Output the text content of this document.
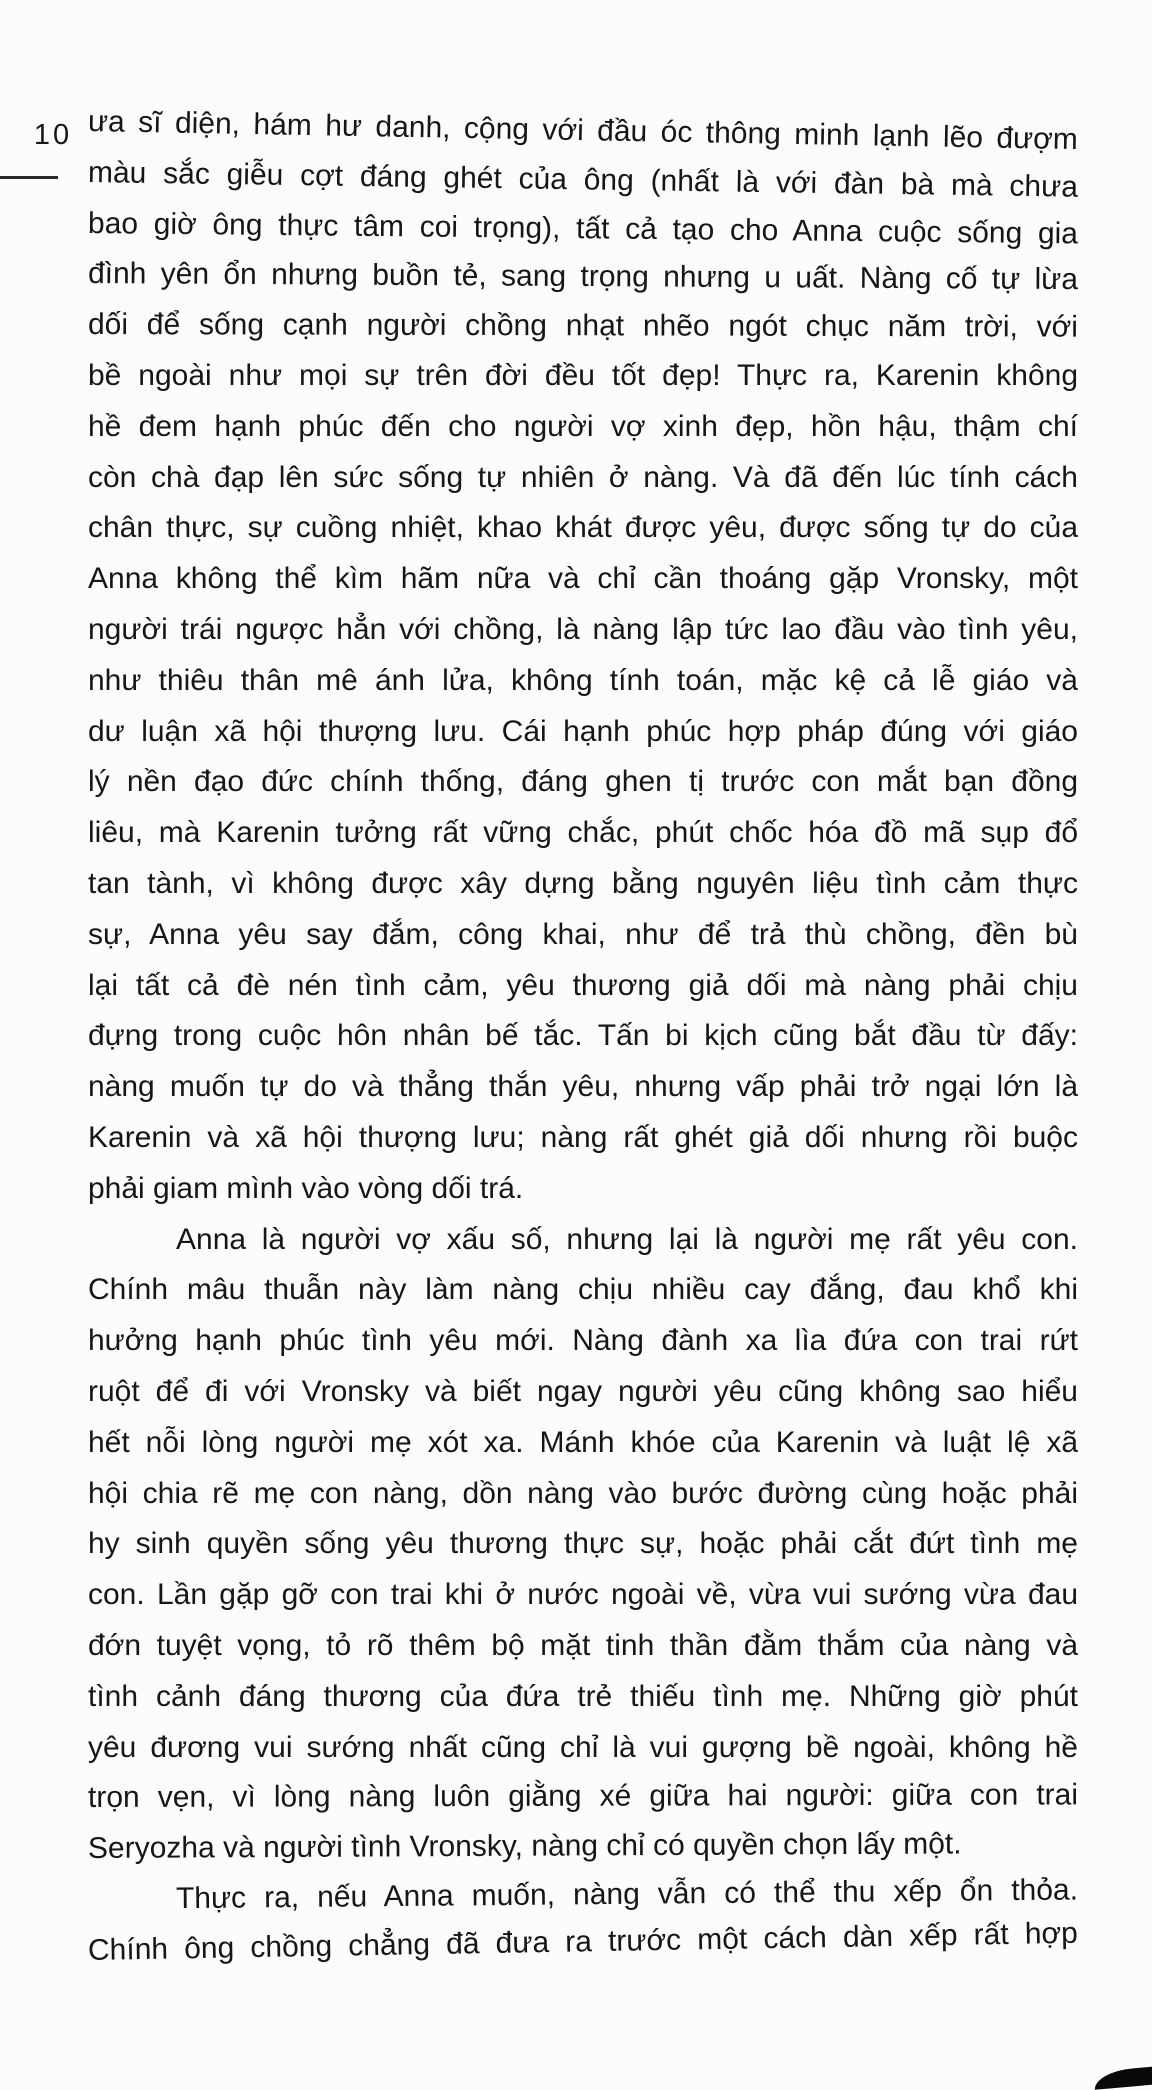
10 ưa sĩ diện, hám hư danh, cộng với đầu óc thông minh lạnh lẽo đượm
màu sắc giễu cợt đáng ghét của ông (nhất là với đàn bà mà chưa
bao giờ ông thực tâm coi trọng), tất cả tạo cho Anna cuộc sống gia
đình yên ổn nhưng buồn tẻ, sang trọng nhưng u uất. Nàng cố tự lừa
dối để sống cạnh người chồng nhạt nhẽo ngót chục năm trời, với
bề ngoài như mọi sự trên đời đều tốt đẹp! Thực ra, Karenin không
hề đem hạnh phúc đến cho người vợ xinh đẹp, hồn hậu, thậm chí
còn chà đạp lên sức sống tự nhiên ở nàng. Và đã đến lúc tính cách
chân thực, sự cuồng nhiệt, khao khát được yêu, được sống tự do của
Anna không thể kìm hãm nữa và chỉ cần thoáng gặp Vronsky, một
người trái ngược hẳn với chồng, là nàng lập tức lao đầu vào tình yêu,
như thiêu thân mê ánh lửa, không tính toán, mặc kệ cả lễ giáo và
dư luận xã hội thượng lưu. Cái hạnh phúc hợp pháp đúng với giáo
lý nền đạo đức chính thống, đáng ghen tị trước con mắt bạn đồng
liêu, mà Karenin tưởng rất vững chắc, phút chốc hóa đồ mã sụp đổ
tan tành, vì không được xây dựng bằng nguyên liệu tình cảm thực
sự, Anna yêu say đắm, công khai, như để trả thù chồng, đền bù
lại tất cả đè nén tình cảm, yêu thương giả dối mà nàng phải chịu
đựng trong cuộc hôn nhân bế tắc. Tấn bi kịch cũng bắt đầu từ đấy:
nàng muốn tự do và thẳng thắn yêu, nhưng vấp phải trở ngại lớn là
Karenin và xã hội thượng lưu; nàng rất ghét giả dối nhưng rồi buộc
phải giam mình vào vòng dối trá.
Anna là người vợ xấu số, nhưng lại là người mẹ rất yêu con.
Chính mâu thuẫn này làm nàng chịu nhiều cay đắng, đau khổ khi
hưởng hạnh phúc tình yêu mới. Nàng đành xa lìa đứa con trai rứt
ruột để đi với Vronsky và biết ngay người yêu cũng không sao hiểu
hết nỗi lòng người mẹ xót xa. Mánh khóe của Karenin và luật lệ xã
hội chia rẽ mẹ con nàng, dồn nàng vào bước đường cùng hoặc phải
hy sinh quyền sống yêu thương thực sự, hoặc phải cắt đứt tình mẹ
con. Lần gặp gỡ con trai khi ở nước ngoài về, vừa vui sướng vừa đau
đớn tuyệt vọng, tỏ rõ thêm bộ mặt tinh thần đằm thắm của nàng và
tình cảnh đáng thương của đứa trẻ thiếu tình mẹ. Những giờ phút
yêu đương vui sướng nhất cũng chỉ là vui gượng bề ngoài, không hề
trọn vẹn, vì lòng nàng luôn giằng xé giữa hai người: giữa con trai
Seryozha và người tình Vronsky, nàng chỉ có quyền chọn lấy một.
Thực ra, nếu Anna muốn, nàng vẫn có thể thu xếp ổn thỏa.
Chính ông chồng chẳng đã đưa ra trước một cách dàn xếp rất hợp
